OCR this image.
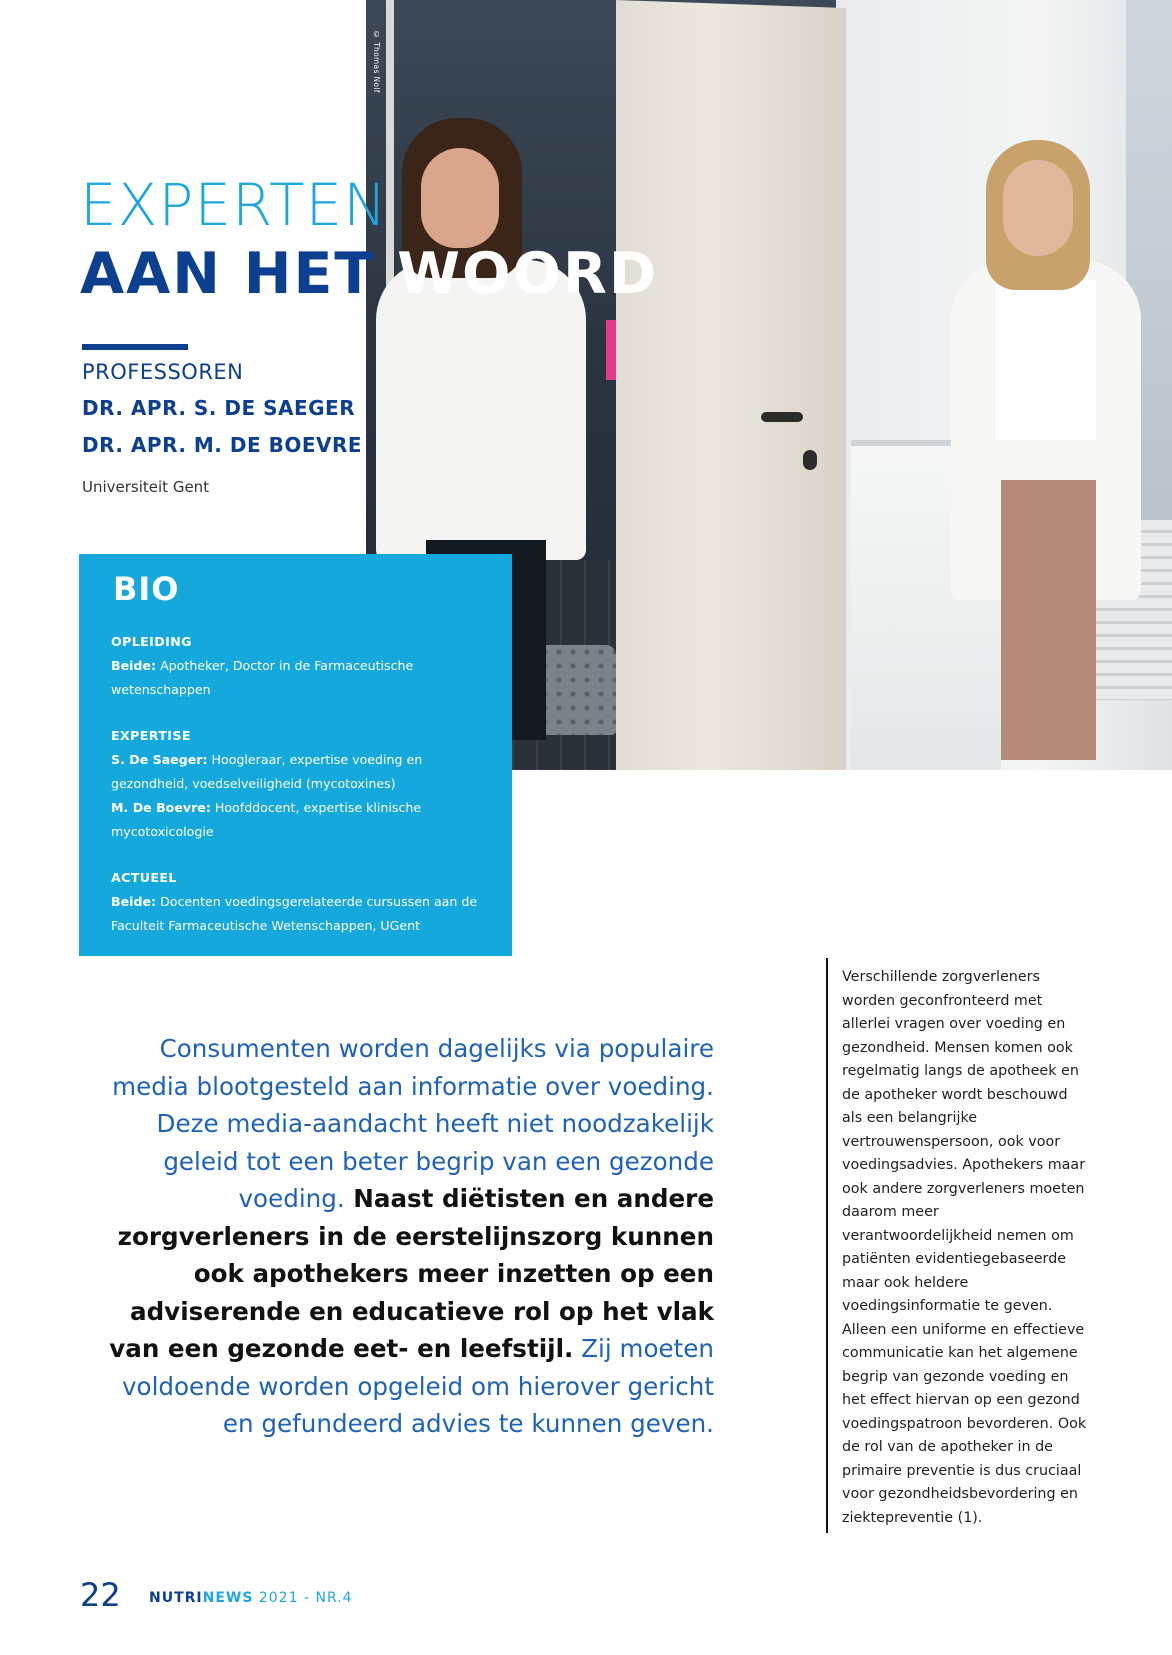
© Thomas Nolf
EXPERTEN
AAN HET WOORD
PROFESSOREN
DR. APR. S. DE SAEGER
DR. APR. M. DE BOEVRE
Universiteit Gent
BIO
OPLEIDING
Beide: Apotheker, Doctor in de Farmaceutische wetenschappen
EXPERTISE
S. De Saeger: Hoogleraar, expertise voeding en gezondheid, voedselveiligheid (mycotoxines)
M. De Boevre: Hoofddocent, expertise klinische mycotoxicologie
ACTUEEL
Beide: Docenten voedingsgerelateerde cursussen aan de Faculteit Farmaceutische Wetenschappen, UGent
Consumenten worden dagelijks via populaire media blootgesteld aan informatie over voeding. Deze media-aandacht heeft niet noodzakelijk geleid tot een beter begrip van een gezonde voeding. Naast diëtisten en andere zorgverleners in de eerstelijnszorg kunnen ook apothekers meer inzetten op een adviserende en educatieve rol op het vlak van een gezonde eet- en leefstijl. Zij moeten voldoende worden opgeleid om hierover gericht en gefundeerd advies te kunnen geven.
Verschillende zorgverleners worden geconfronteerd met allerlei vragen over voeding en gezondheid. Mensen komen ook regelmatig langs de apotheek en de apotheker wordt beschouwd als een belangrijke vertrouwenspersoon, ook voor voedingsadvies. Apothekers maar ook andere zorgverleners moeten daarom meer verantwoordelijkheid nemen om patiënten evidentiegebaseerde maar ook heldere voedingsinformatie te geven. Alleen een uniforme en effectieve communicatie kan het algemene begrip van gezonde voeding en het effect hiervan op een gezond voedingspatroon bevorderen. Ook de rol van de apotheker in de primaire preventie is dus cruciaal voor gezondheidsbevordering en ziektepreventie (1).
22 NUTRINEWS 2021 - NR.4
